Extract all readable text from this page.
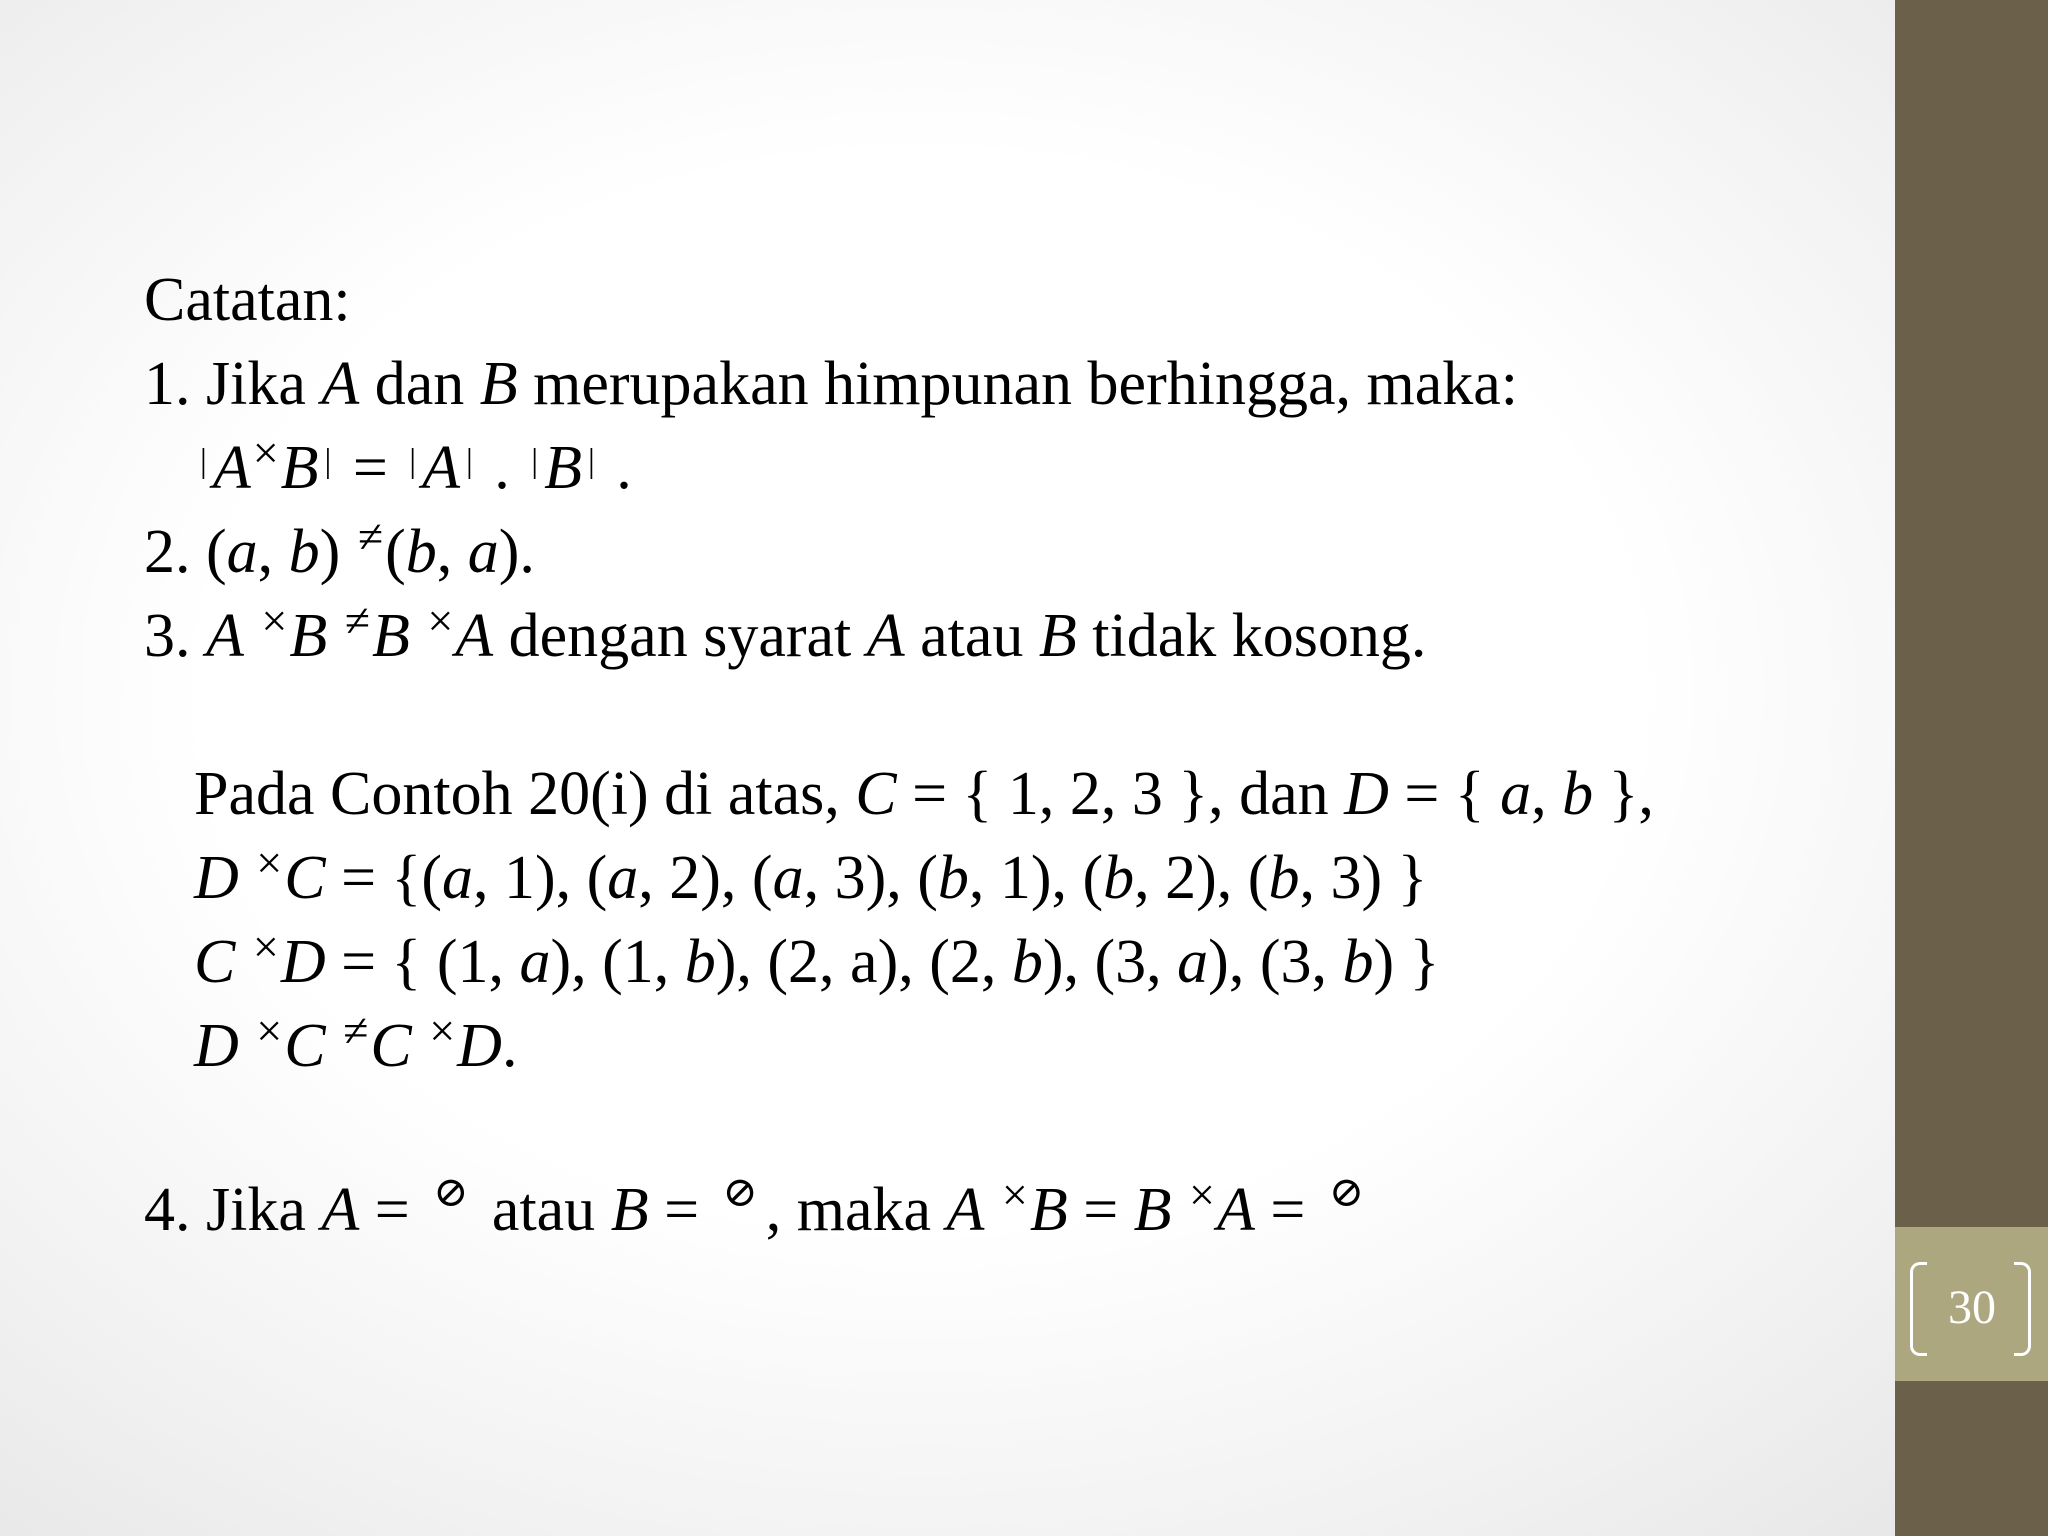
30
Catatan:
1. Jika A dan B merupakan himpunan berhingga, maka:
|A×B | = |A | . |B | .
2. (a, b) ≠(b, a).
3. A ×B ≠B ×A dengan syarat A atau B tidak kosong.
Pada Contoh 20(i) di atas, C = { 1, 2, 3 }, dan D = { a, b },
D ×C = {(a, 1), (a, 2), (a, 3), (b, 1), (b, 2), (b, 3) }
C ×D = { (1, a), (1, b), (2, a), (2, b), (3, a), (3, b) }
D ×C ≠C ×D.
4. Jika A = ⊘ atau B = ⊘ , maka A ×B = B ×A = ⊘
